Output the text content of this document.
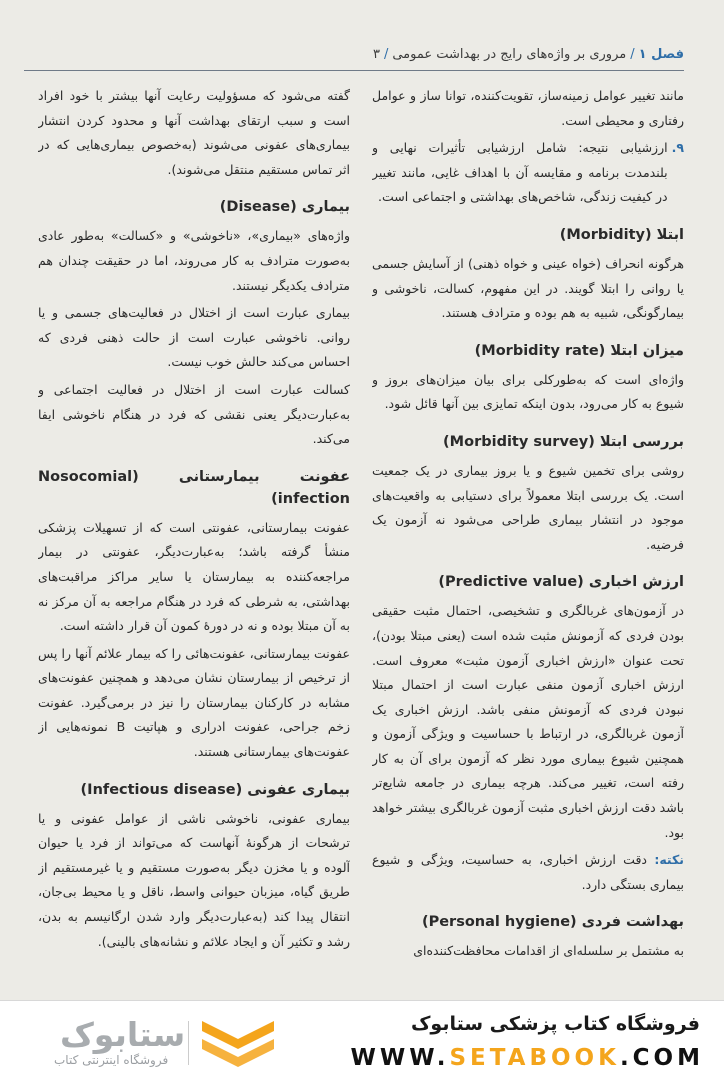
فصل ۱
/
مروری بر واژه‌های رایج در بهداشت عمومی
/
۳

مانند تغییر عوامل زمینه‌ساز، تقویت‌کننده، توانا ساز و عوامل رفتاری و محیطی است.

۹.
ارزشیابی نتیجه: شامل ارزشیابی تأثیرات نهایی و بلندمدت برنامه و مقایسه آن با اهداف غایی، مانند تغییر در کیفیت زندگی، شاخص‌های بهداشتی و اجتماعی است.

ابتلا (Morbidity)

هرگونه انحراف (خواه عینی و خواه ذهنی) از آسایش جسمی یا روانی را ابتلا گویند. در این مفهوم، کسالت، ناخوشی و بیمارگونگی، شبیه به هم بوده و مترادف هستند.

میزان ابتلا (Morbidity rate)

واژه‌ای است که به‌طورکلی برای بیان میزان‌های بروز و شیوع به کار می‌رود، بدون اینکه تمایزی بین آنها قائل شود.

بررسی ابتلا (Morbidity survey)

روشی برای تخمین شیوع و یا بروز بیماری در یک جمعیت است. یک بررسی ابتلا معمولاً برای دستیابی به واقعیت‌های موجود در انتشار بیماری طراحی می‌شود نه آزمون یک فرضیه.

ارزش اخباری (Predictive value)

در آزمون‌های غربالگری و تشخیصی، احتمال مثبت حقیقی بودن فردی که آزمونش مثبت شده است (یعنی مبتلا بودن)، تحت عنوان «ارزش اخباری آزمون مثبت» معروف است. ارزش اخباری آزمون منفی عبارت است از احتمال مبتلا نبودن فردی که آزمونش منفی باشد. ارزش اخباری یک آزمون غربالگری، در ارتباط با حساسیت و ویژگی آزمون و همچنین شیوع بیماری مورد نظر که آزمون برای آن به کار رفته است، تغییر می‌کند. هرچه بیماری در جامعه شایع‌تر باشد دقت ارزش اخباری مثبت آزمون غربالگری بیشتر خواهد بود.

نکته: دقت ارزش اخباری، به حساسیت، ویژگی و شیوع بیماری بستگی دارد.

بهداشت فردی (Personal hygiene)

به مشتمل بر سلسله‌ای از اقدامات محافظت‌کننده‌ای

گفته می‌شود که مسؤولیت رعایت آنها بیشتر با خود افراد است و سبب ارتقای بهداشت آنها و محدود کردن انتشار بیماری‌های عفونی می‌شوند (به‌خصوص بیماری‌هایی که در اثر تماس مستقیم منتقل می‌شوند).

بیماری (Disease)

واژه‌های «بیماری»، «ناخوشی» و «کسالت» به‌طور عادی به‌صورت مترادف به کار می‌روند، اما در حقیقت چندان هم مترادف یکدیگر نیستند.

بیماری عبارت است از اختلال در فعالیت‌های جسمی و یا روانی. ناخوشی عبارت است از حالت ذهنی فردی که احساس می‌کند حالش خوب نیست.

کسالت عبارت است از اختلال در فعالیت اجتماعی و به‌عبارت‌دیگر یعنی نقشی که فرد در هنگام ناخوشی ایفا می‌کند.

عفونت بیمارستانی (Nosocomial infection)

عفونت بیمارستانی، عفونتی است که از تسهیلات پزشکی منشأ گرفته باشد؛ به‌عبارت‌دیگر، عفونتی در بیمار مراجعه‌کننده به بیمارستان یا سایر مراکز مراقبت‌های بهداشتی، به شرطی که فرد در هنگام مراجعه به آن مرکز نه به آن مبتلا بوده و نه در دورهٔ کمون آن قرار داشته است.

عفونت بیمارستانی، عفونت‌هائی را که بیمار علائم آنها را پس از ترخیص از بیمارستان نشان می‌دهد و همچنین عفونت‌های مشابه در کارکنان بیمارستان را نیز در برمی‌گیرد. عفونت زخم جراحی، عفونت ادراری و هپاتیت B نمونه‌هایی از عفونت‌های بیمارستانی هستند.

بیماری عفونی (Infectious disease)

بیماری عفونی، ناخوشی ناشی از عوامل عفونی و یا ترشحات از هرگونهٔ آنهاست که می‌تواند از فرد یا حیوان آلوده و یا مخزن دیگر به‌صورت مستقیم و یا غیرمستقیم از طریق گیاه، میزبان حیوانی واسط، ناقل و یا محیط بی‌جان، انتقال پیدا کند (به‌عبارت‌دیگر وارد شدن ارگانیسم به بدن، رشد و تکثیر آن و ایجاد علائم و نشانه‌های بالینی).

ستابوک
فروشگاه اینترنتی کتاب
فروشگاه کتاب پزشکی ستابوک
WWW.SETABOOK.COM
